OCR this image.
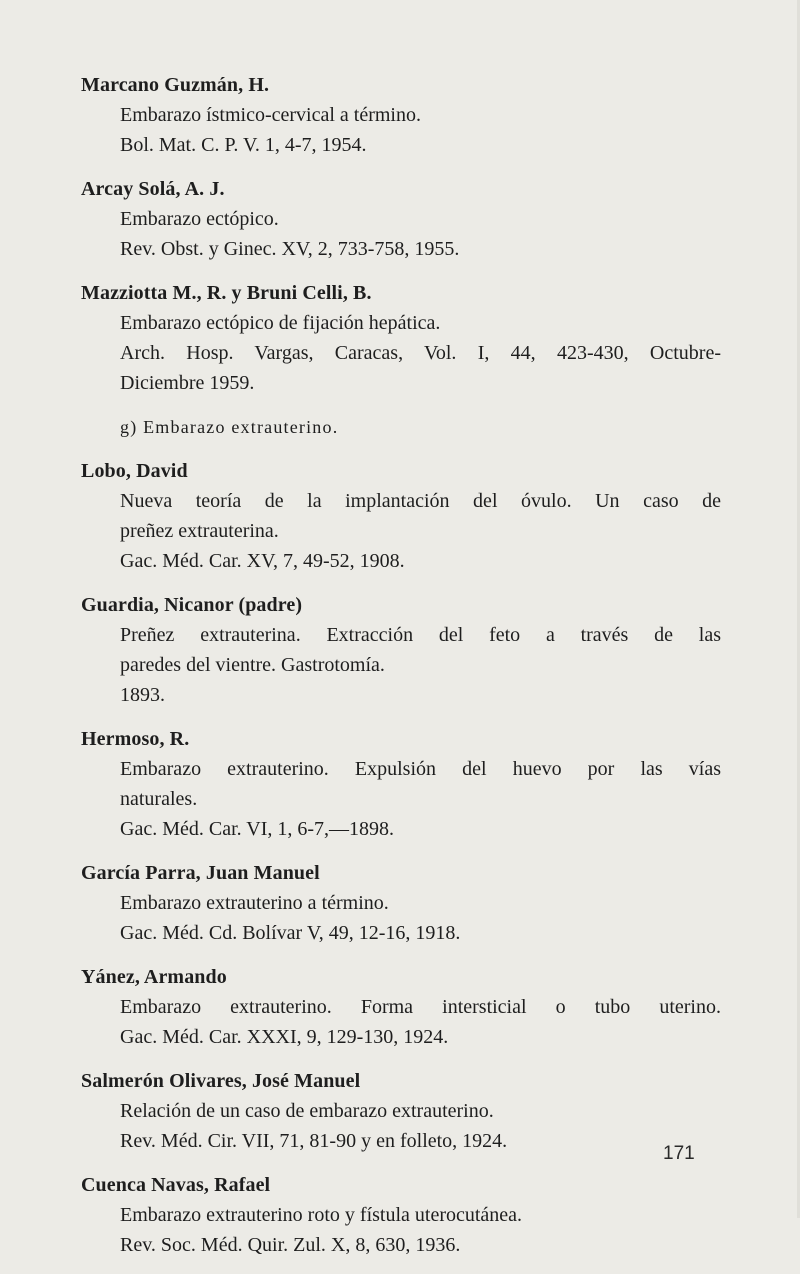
Marcano Guzmán, H.
Embarazo ístmico-cervical a término.
Bol. Mat. C. P. V. 1, 4-7, 1954.
Arcay Solá, A. J.
Embarazo ectópico.
Rev. Obst. y Ginec. XV, 2, 733-758, 1955.
Mazziotta M., R. y Bruni Celli, B.
Embarazo ectópico de fijación hepática.
Arch. Hosp. Vargas, Caracas, Vol. I, 44, 423-430, Octubre-
Diciembre 1959.
g) Embarazo extrauterino.
Lobo, David
Nueva teoría de la implantación del óvulo. Un caso de
preñez extrauterina.
Gac. Méd. Car. XV, 7, 49-52, 1908.
Guardia, Nicanor (padre)
Preñez extrauterina. Extracción del feto a través de las
paredes del vientre. Gastrotomía.
1893.
Hermoso, R.
Embarazo extrauterino. Expulsión del huevo por las vías
naturales.
Gac. Méd. Car. VI, 1, 6-7,—1898.
García Parra, Juan Manuel
Embarazo extrauterino a término.
Gac. Méd. Cd. Bolívar V, 49, 12-16, 1918.
Yánez, Armando
Embarazo extrauterino. Forma intersticial o tubo uterino.
Gac. Méd. Car. XXXI, 9, 129-130, 1924.
Salmerón Olivares, José Manuel
Relación de un caso de embarazo extrauterino.
Rev. Méd. Cir. VII, 71, 81-90 y en folleto, 1924.
Cuenca Navas, Rafael
Embarazo extrauterino roto y fístula uterocutánea.
Rev. Soc. Méd. Quir. Zul. X, 8, 630, 1936.
171
